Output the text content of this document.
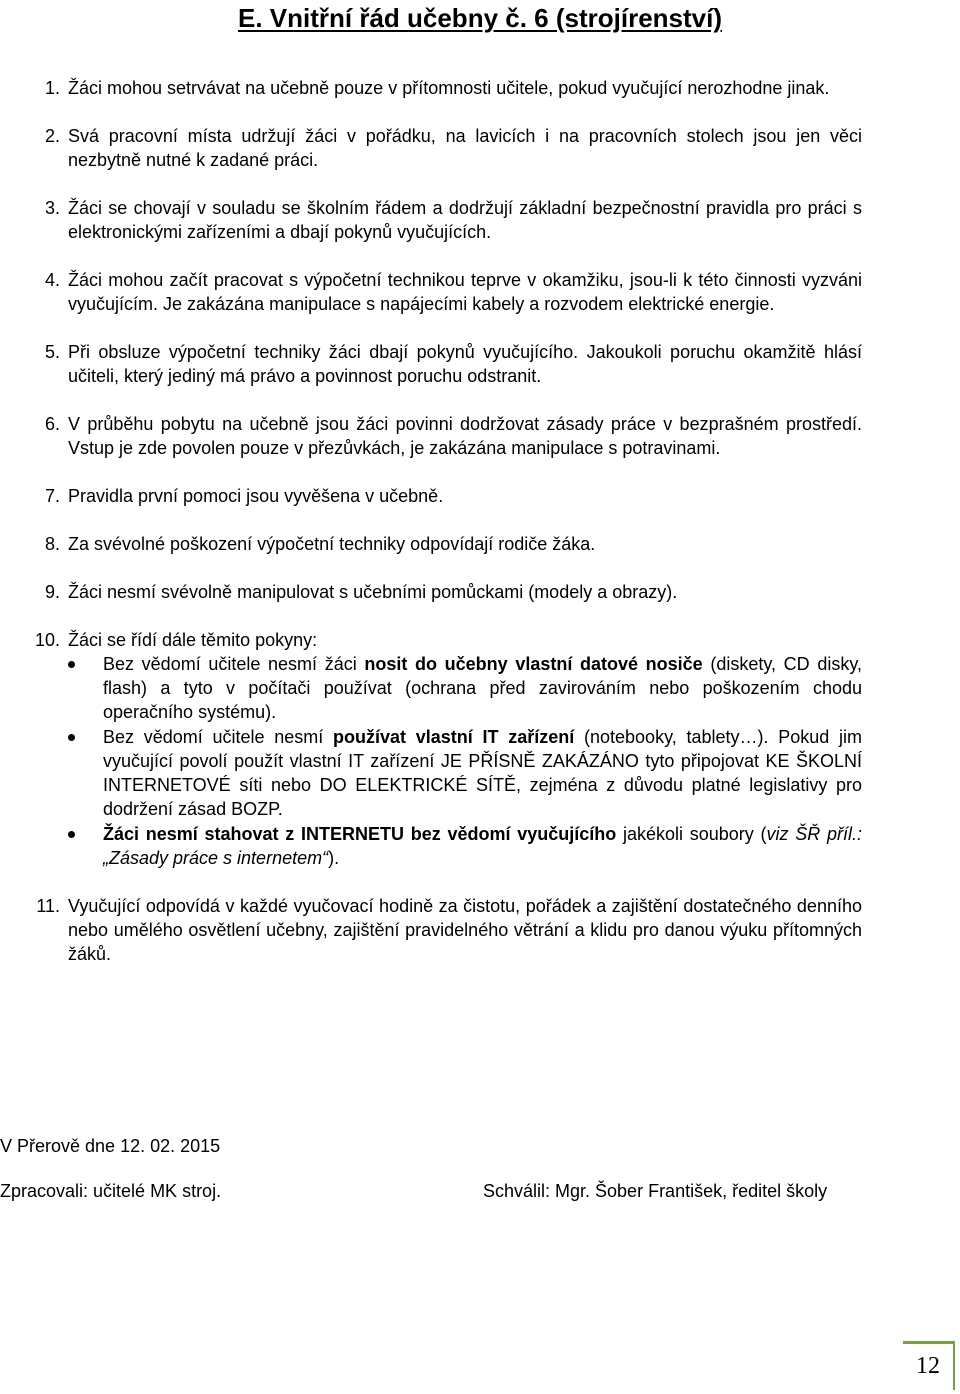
E. Vnitřní řád učebny č. 6 (strojírenství)
1. Žáci mohou setrvávat na učebně pouze v přítomnosti učitele, pokud vyučující nerozhodne jinak.
2. Svá pracovní místa udržují žáci v pořádku, na lavicích i na pracovních stolech jsou jen věci nezbytně nutné k zadané práci.
3. Žáci se chovají v souladu se školním řádem a dodržují základní bezpečnostní pravidla pro práci s elektronickými zařízeními a dbají pokynů vyučujících.
4. Žáci mohou začít pracovat s výpočetní technikou teprve v okamžiku, jsou-li k této činnosti vyzváni vyučujícím. Je zakázána manipulace s napájecími kabely a rozvodem elektrické energie.
5. Při obsluze výpočetní techniky žáci dbají pokynů vyučujícího. Jakoukoli poruchu okamžitě hlásí učiteli, který jediný má právo a povinnost poruchu odstranit.
6. V průběhu pobytu na učebně jsou žáci povinni dodržovat zásady práce v bezprašném prostředí. Vstup je zde povolen pouze v přezůvkách, je zakázána manipulace s potravinami.
7. Pravidla první pomoci jsou vyvěšena v učebně.
8. Za svévolné poškození výpočetní techniky odpovídají rodiče žáka.
9. Žáci nesmí svévolně manipulovat s učebními pomůckami (modely a obrazy).
10. Žáci se řídí dále těmito pokyny:
Bez vědomí učitele nesmí žáci nosit do učebny vlastní datové nosiče (diskety, CD disky, flash) a tyto v počítači používat (ochrana před zavirováním nebo poškozením chodu operačního systému).
Bez vědomí učitele nesmí používat vlastní IT zařízení (notebooky, tablety…). Pokud jim vyučující povolí použít vlastní IT zařízení JE PŘÍSNĚ ZAKÁZÁNO tyto připojovat KE ŠKOLNÍ INTERNETOVÉ síti nebo DO ELEKTRICKÉ SÍTĚ, zejména z důvodu platné legislativy pro dodržení zásad BOZP.
Žáci nesmí stahovat z INTERNETU bez vědomí vyučujícího jakékoli soubory (viz ŠŘ příl.: „Zásady práce s internetem“).
11. Vyučující odpovídá v každé vyučovací hodině za čistotu, pořádek a zajištění dostatečného denního nebo umělého osvětlení učebny, zajištění pravidelného větrání a klidu pro danou výuku přítomných žáků.
V Přerově dne 12. 02. 2015
Zpracovali: učitelé MK stroj.	Schválil: Mgr. Šober František, ředitel školy
12
